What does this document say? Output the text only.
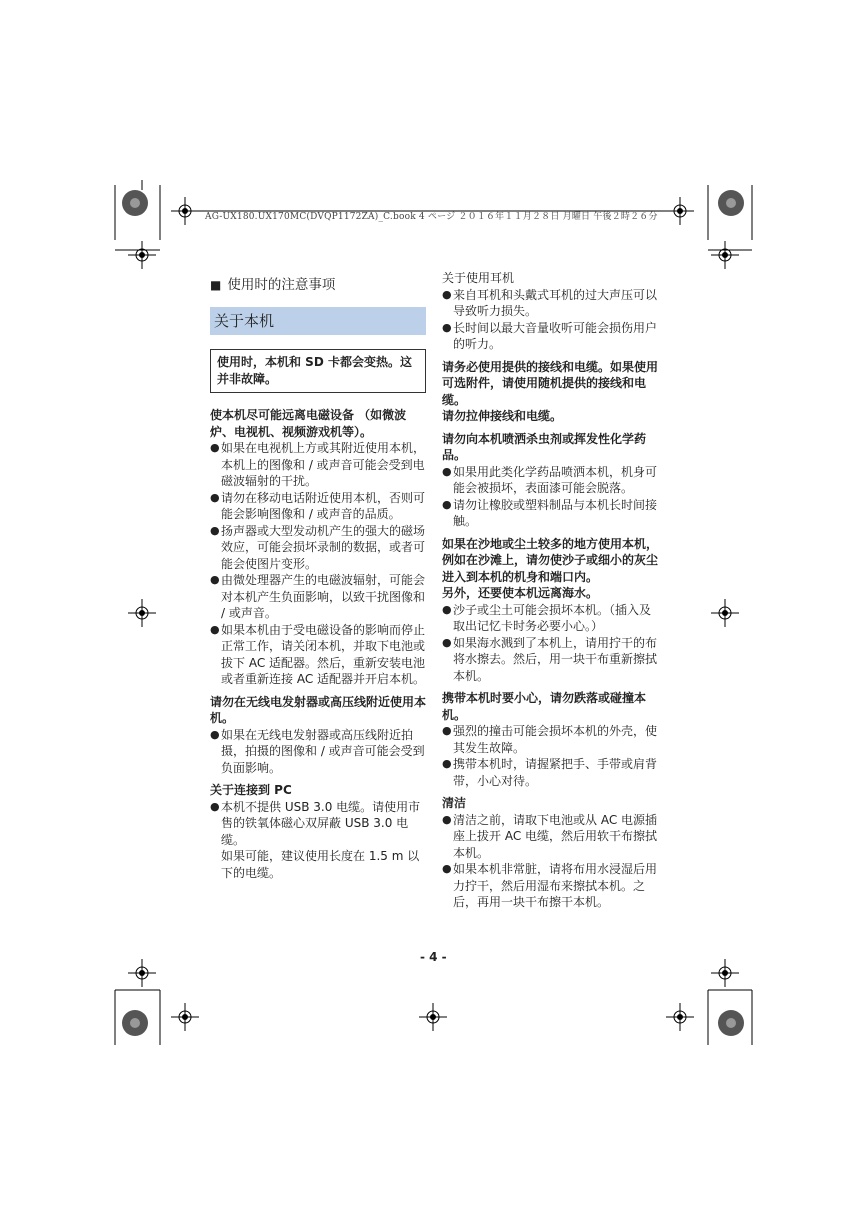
AG-UX180.UX170MC(DVQP1172ZA)_C.book 4 ページ ２０１６年１１月２８日 月曜日 午後２時２６分
■ 使用时的注意事项
关于本机
使用时，本机和 SD 卡都会变热。这并非故障。

使本机尽可能远离电磁设备 （如微波炉、电视机、视频游戏机等）。

● 如果在电视机上方或其附近使用本机，本机上的图像和 / 或声音可能会受到电磁波辐射的干扰。

● 请勿在移动电话附近使用本机，否则可能会影响图像和 / 或声音的品质。

● 扬声器或大型发动机产生的强大的磁场效应，可能会损坏录制的数据，或者可能会使图片变形。

● 由微处理器产生的电磁波辐射，可能会对本机产生负面影响，以致干扰图像和 / 或声音。

● 如果本机由于受电磁设备的影响而停止正常工作，请关闭本机，并取下电池或拔下 AC 适配器。然后，重新安装电池或者重新连接 AC 适配器并开启本机。

请勿在无线电发射器或高压线附近使用本机。

● 如果在无线电发射器或高压线附近拍摄，拍摄的图像和 / 或声音可能会受到负面影响。

关于连接到 PC

● 本机不提供 USB 3.0 电缆。请使用市售的铁氧体磁心双屏蔽 USB 3.0 电缆。

如果可能，建议使用长度在 1.5 m 以下的电缆。

关于使用耳机

● 来自耳机和头戴式耳机的过大声压可以导致听力损失。

● 长时间以最大音量收听可能会损伤用户的听力。

请务必使用提供的接线和电缆。如果使用可选附件，请使用随机提供的接线和电缆。

请勿拉伸接线和电缆。

请勿向本机喷洒杀虫剂或挥发性化学药品。

● 如果用此类化学药品喷洒本机，机身可能会被损坏，表面漆可能会脱落。

● 请勿让橡胶或塑料制品与本机长时间接触。

如果在沙地或尘土较多的地方使用本机，例如在沙滩上，请勿使沙子或细小的灰尘进入到本机的机身和端口内。

另外，还要使本机远离海水。

● 沙子或尘土可能会损坏本机。（插入及取出记忆卡时务必要小心。）

● 如果海水溅到了本机上，请用拧干的布将水擦去。然后，用一块干布重新擦拭本机。

携带本机时要小心，请勿跌落或碰撞本机。

● 强烈的撞击可能会损坏本机的外壳，使其发生故障。

● 携带本机时，请握紧把手、手带或肩背带，小心对待。

清洁

● 清洁之前，请取下电池或从 AC 电源插座上拔开 AC 电缆，然后用软干布擦拭本机。

● 如果本机非常脏，请将布用水浸湿后用力拧干，然后用湿布来擦拭本机。之后，再用一块干布擦干本机。

- 4 -
